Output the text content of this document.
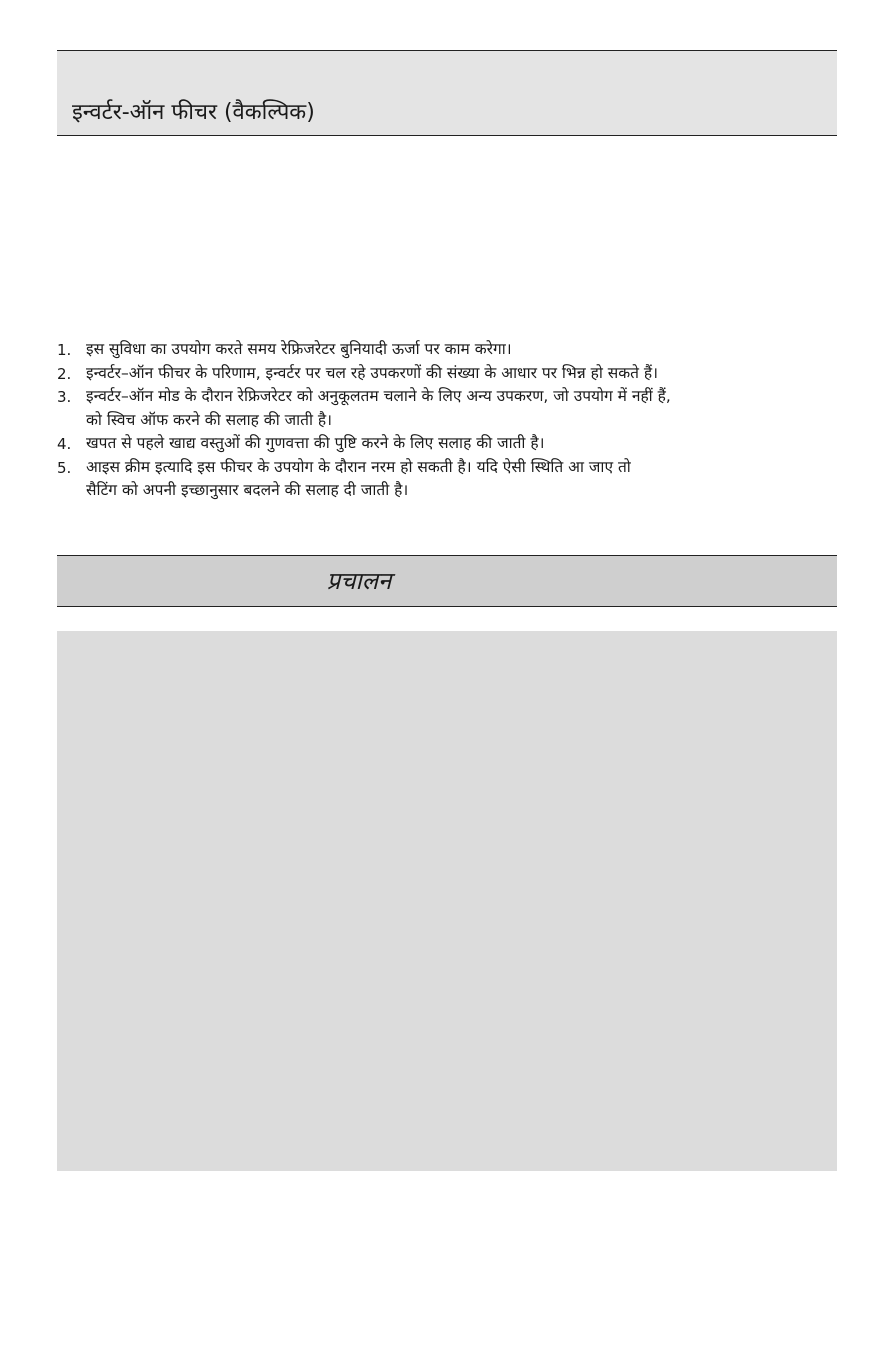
इन्वर्टर-ऑन फीचर (वैकल्पिक)
1. इस सुविधा का उपयोग करते समय रेफ्रिजरेटर बुनियादी ऊर्जा पर काम करेगा।
2. इन्वर्टर–ऑन फीचर के परिणाम, इन्वर्टर पर चल रहे उपकरणों की संख्या के आधार पर भिन्न हो सकते हैं।
3. इन्वर्टर–ऑन मोड के दौरान रेफ्रिजरेटर को अनुकूलतम चलाने के लिए अन्य उपकरण, जो उपयोग में नहीं हैं,
को स्विच ऑफ करने की सलाह की जाती है।
4. खपत से पहले खाद्य वस्तुओं की गुणवत्ता की पुष्टि करने के लिए सलाह की जाती है।
5. आइस क्रीम इत्यादि इस फीचर के उपयोग के दौरान नरम हो सकती है। यदि ऐसी स्थिति आ जाए तो
सैटिंग को अपनी इच्छानुसार बदलने की सलाह दी जाती है।
प्रचालन
